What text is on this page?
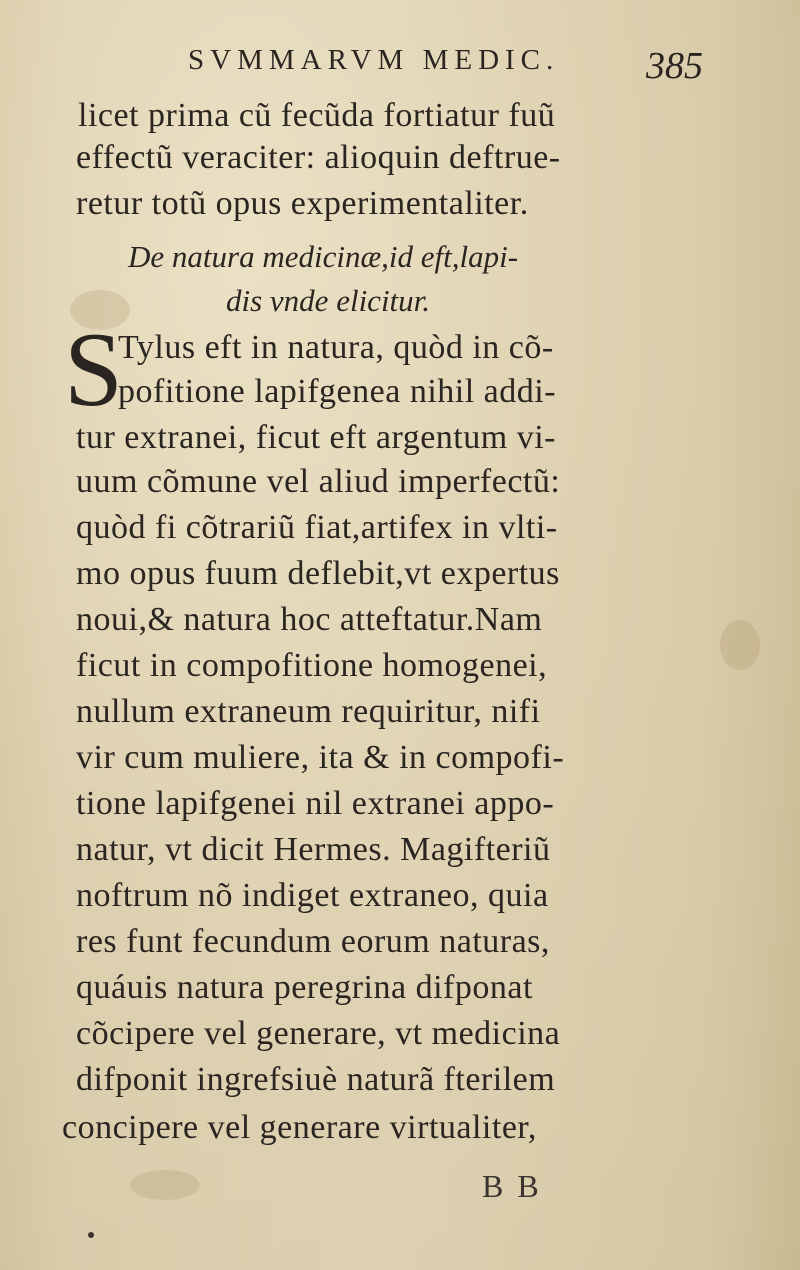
SVMMARVM MEDIC.	385
licet prima cũ fecũda fortiatur fuũ
effectũ veraciter: alioquin deftrue-
retur totũ opus experimentaliter.
De natura medicinæ,id eft,lapi-
dis vnde elicitur.
S
Tylus eft in natura, quòd in cõ-
pofitione lapifgenea nihil addi-
tur extranei, ficut eft argentum vi-
uum cõmune vel aliud imperfectũ:
quòd fi cõtrariũ fiat,artifex in vlti-
mo opus fuum deflebit,vt expertus
noui,& natura hoc atteftatur.Nam
ficut in compofitione homogenei,
nullum extraneum requiritur, nifi
vir cum muliere, ita & in compofi-
tione lapifgenei nil extranei appo-
natur, vt dicit Hermes. Magifteriũ
noftrum nõ indiget extraneo, quia
res funt fecundum eorum naturas,
quáuis natura peregrina difponat
cõcipere vel generare, vt medicina
difponit ingrefsiuè naturã fterilem
concipere vel generare virtualiter,
B B
